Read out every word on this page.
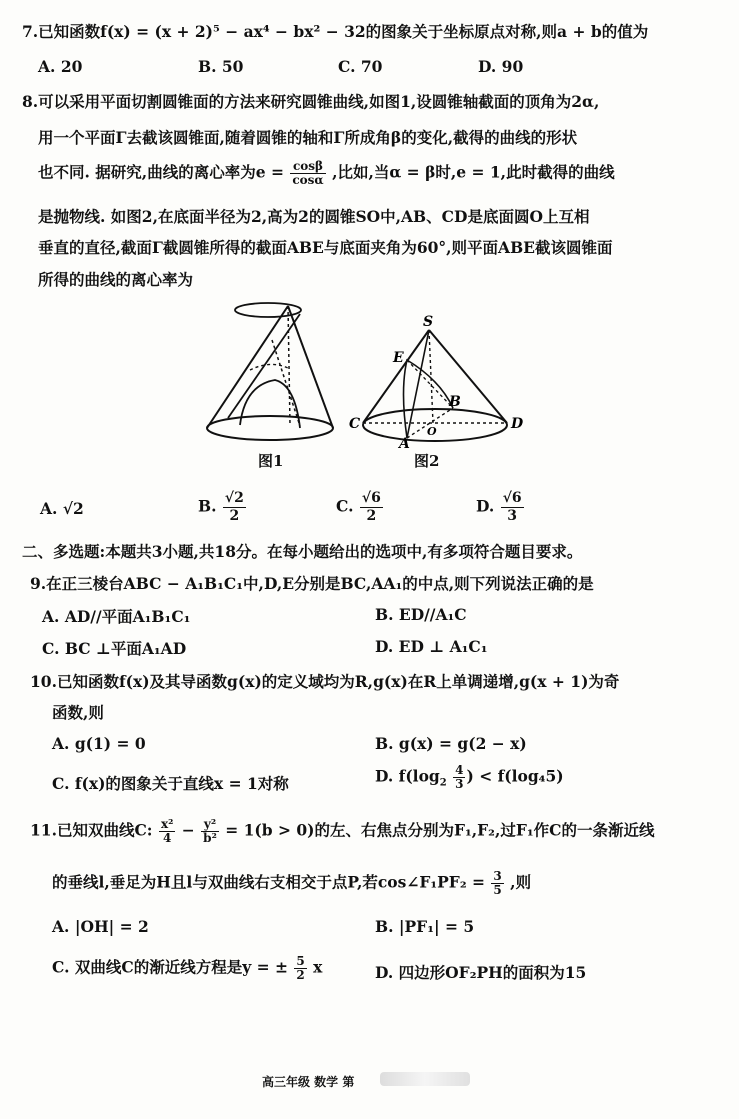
7.已知函数f(x) = (x + 2)⁵ − ax⁴ − bx² − 32的图象关于坐标原点对称,则a + b的值为
A. 20	B. 50	C. 70	D. 90
8.可以采用平面切割圆锥面的方法来研究圆锥曲线,如图1,设圆锥轴截面的顶角为2α,
用一个平面Γ去截该圆锥面,随着圆锥的轴和Γ所成角β的变化,截得的曲线的形状
也不同. 据研究,曲线的离心率为$e = \frac{\cos\beta}{\cos\alpha}$ ,比如,当α = β时,e = 1,此时截得的曲线
是抛物线. 如图2,在底面半径为2,高为2的圆锥SO中,AB、CD是底面圆O上互相
垂直的直径,截面Γ截圆锥所得的截面ABE与底面夹角为60°,则平面ABE截该圆锥面
所得的曲线的离心率为
图1
S
E
B
C	D
A
O
图2
A. √2	B. $\frac{√2}{2}$	C. $\frac{√6}{2}$	D. $\frac{√6}{3}$
二、多选题:本题共3小题,共18分。在每小题给出的选项中,有多项符合题目要求。
9.在正三棱台ABC − A₁B₁C₁中,D,E分别是BC,AA₁的中点,则下列说法正确的是
A. AD//平面A₁B₁C₁	B. ED//A₁C
C. BC ⊥平面A₁AD	D. ED ⊥ A₁C₁
10.已知函数f(x)及其导函数g(x)的定义域均为R,g(x)在R上单调递增,g(x + 1)为奇
函数,则
A. g(1) = 0	B. g(x) = g(2 − x)
C. f(x)的图象关于直线x = 1对称	D. $f(\log_2 \frac{4}{3}$ ) < f(log₄5)
11.已知双曲线C: $\frac{\text{x²}}{4} - \frac{\text{y²}}{\text{b²}} = 1(b > 0)$的左、右焦点分别为F₁,F₂,过F₁作C的一条渐近线
的垂线l,垂足为H且l与双曲线右支相交于点P,若cos∠F₁PF₂ = $\frac{3}{5}$ ,则
A. |OH| = 2	B. |PF₁| = 5
C. 双曲线C的渐近线方程是y = ± $\frac{5}{2}$ x	D. 四边形OF₂PH的面积为15
高三年级 数学 第
